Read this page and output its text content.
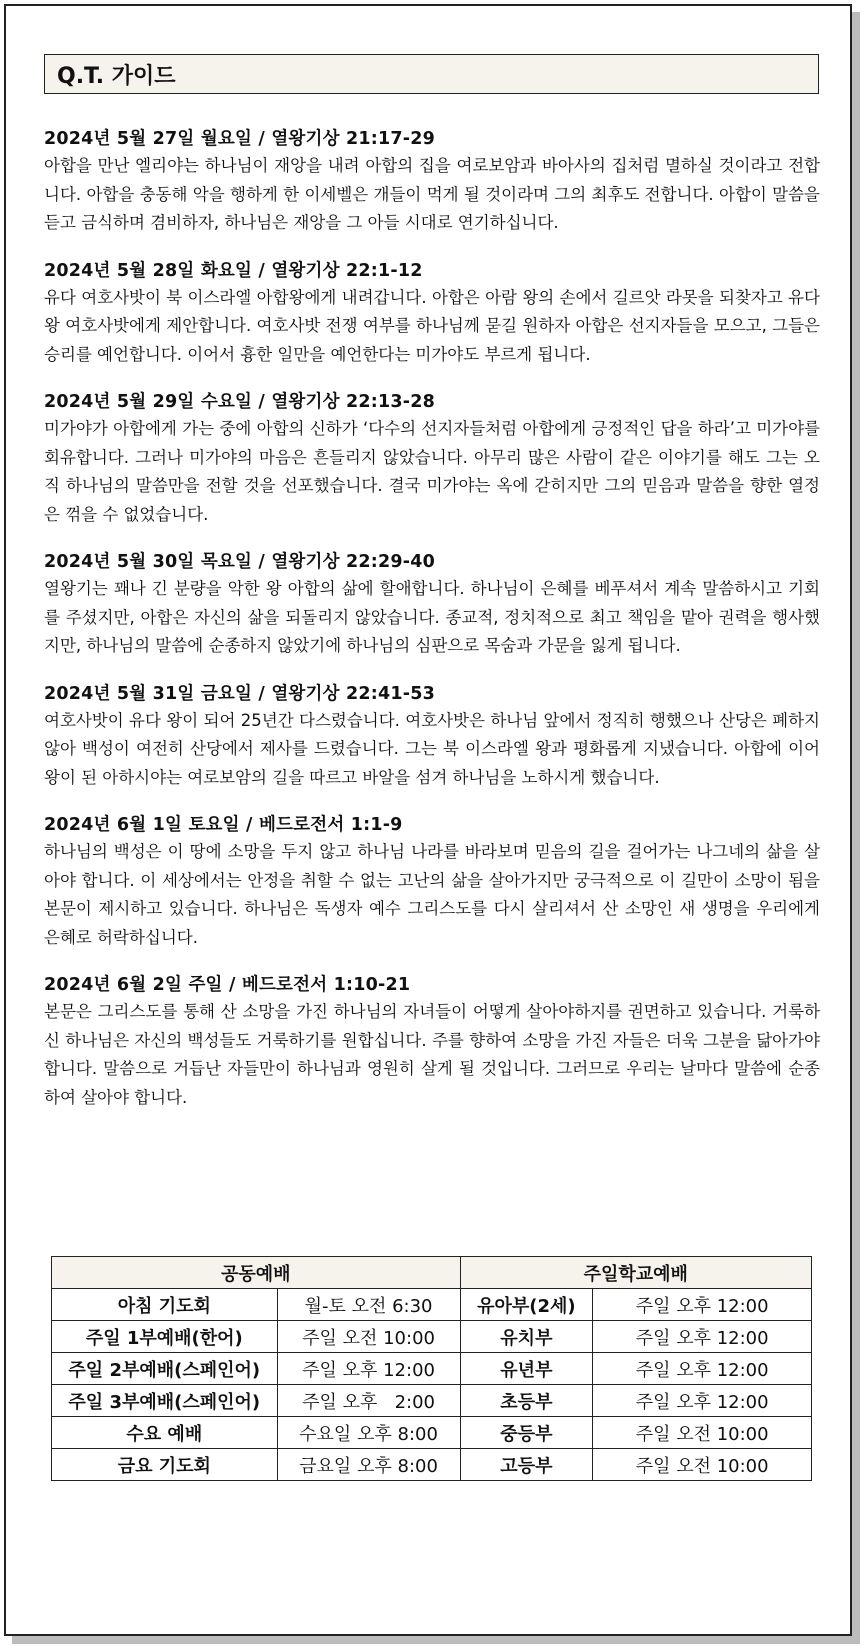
Q.T. 가이드
2024년 5월 27일 월요일 / 열왕기상 21:17-29

아합을 만난 엘리야는 하나님이 재앙을 내려 아합의 집을 여로보암과 바아사의 집처럼 멸하실 것이라고 전합니다. 아합을 충동해 악을 행하게 한 이세벨은 개들이 먹게 될 것이라며 그의 최후도 전합니다. 아합이 말씀을 듣고 금식하며 겸비하자, 하나님은 재앙을 그 아들 시대로 연기하십니다.

2024년 5월 28일 화요일 / 열왕기상 22:1-12

유다 여호사밧이 북 이스라엘 아합왕에게 내려갑니다. 아합은 아람 왕의 손에서 길르앗 라못을 되찾자고 유다 왕 여호사밧에게 제안합니다. 여호사밧 전쟁 여부를 하나님께 묻길 원하자 아합은 선지자들을 모으고, 그들은 승리를 예언합니다. 이어서 흉한 일만을 예언한다는 미가야도 부르게 됩니다.

2024년 5월 29일 수요일 / 열왕기상 22:13-28

미가야가 아합에게 가는 중에 아합의 신하가 ‘다수의 선지자들처럼 아합에게 긍정적인 답을 하라’고 미가야를 회유합니다. 그러나 미가야의 마음은 흔들리지 않았습니다. 아무리 많은 사람이 같은 이야기를 해도 그는 오직 하나님의 말씀만을 전할 것을 선포했습니다. 결국 미가야는 옥에 갇히지만 그의 믿음과 말씀을 향한 열정은 꺾을 수 없었습니다.

2024년 5월 30일 목요일 / 열왕기상 22:29-40

열왕기는 꽤나 긴 분량을 악한 왕 아합의 삶에 할애합니다. 하나님이 은혜를 베푸셔서 계속 말씀하시고 기회를 주셨지만, 아합은 자신의 삶을 되돌리지 않았습니다. 종교적, 정치적으로 최고 책임을 맡아 권력을 행사했지만, 하나님의 말씀에 순종하지 않았기에 하나님의 심판으로 목숨과 가문을 잃게 됩니다.

2024년 5월 31일 금요일 / 열왕기상 22:41-53

여호사밧이 유다 왕이 되어 25년간 다스렸습니다. 여호사밧은 하나님 앞에서 정직히 행했으나 산당은 폐하지 않아 백성이 여전히 산당에서 제사를 드렸습니다. 그는 북 이스라엘 왕과 평화롭게 지냈습니다. 아합에 이어 왕이 된 아하시야는 여로보암의 길을 따르고 바알을 섬겨 하나님을 노하시게 했습니다.

2024년 6월 1일 토요일 / 베드로전서 1:1-9

하나님의 백성은 이 땅에 소망을 두지 않고 하나님 나라를 바라보며 믿음의 길을 걸어가는 나그네의 삶을 살아야 합니다. 이 세상에서는 안정을 취할 수 없는 고난의 삶을 살아가지만 궁극적으로 이 길만이 소망이 됨을 본문이 제시하고 있습니다. 하나님은 독생자 예수 그리스도를 다시 살리셔서 산 소망인 새 생명을 우리에게 은혜로 허락하십니다.

2024년 6월 2일 주일 / 베드로전서 1:10-21

본문은 그리스도를 통해 산 소망을 가진 하나님의 자녀들이 어떻게 살아야하지를 권면하고 있습니다. 거룩하신 하나님은 자신의 백성들도 거룩하기를 원합십니다. 주를 향하여 소망을 가진 자들은 더욱 그분을 닮아가야 합니다. 말씀으로 거듭난 자들만이 하나님과 영원히 살게 될 것입니다. 그러므로 우리는 날마다 말씀에 순종하여 살아야 합니다.

공동예배		주일학교예배	
아침 기도회	월-토 오전 6:30	유아부(2세)	주일 오후 12:00
주일 1부예배(한어)	주일 오전 10:00	유치부	주일 오후 12:00
주일 2부예배(스페인어)	주일 오후 12:00	유년부	주일 오후 12:00
주일 3부예배(스페인어)	주일 오후   2:00	초등부	주일 오후 12:00
수요 예배	수요일 오후 8:00	중등부	주일 오전 10:00
금요 기도회	금요일 오후 8:00	고등부	주일 오전 10:00
